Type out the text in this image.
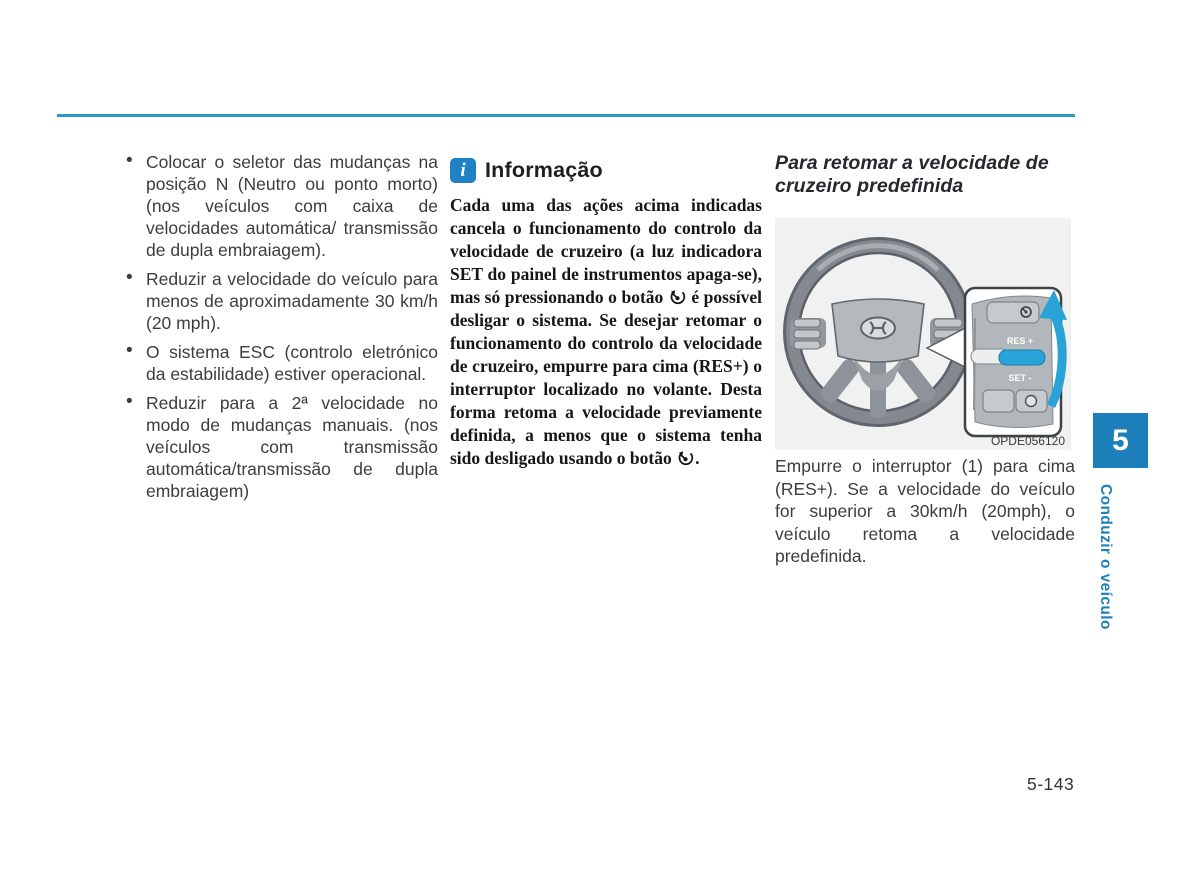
• Colocar o seletor das mudanças na posição N (Neutro ou ponto morto) (nos veículos com caixa de velocidades automática/ transmissão de dupla embraiagem).
• Reduzir a velocidade do veículo para menos de aproximadamente 30 km/h (20 mph).
• O sistema ESC (controlo eletrónico da estabilidade) estiver operacional.
• Reduzir para a 2ª velocidade no modo de mudanças manuais. (nos veículos com transmissão automática/transmissão de dupla embraiagem)
i
Informação
Cada uma das ações acima indicadas cancela o funcionamento do controlo da velocidade de cruzeiro (a luz indicadora SET do painel de instrumentos apaga-se), mas só pressionando o botão  é possível desligar o sistema. Se desejar retomar o funcionamento do controlo da velocidade de cruzeiro, empurre para cima (RES+) o interruptor localizado no volante. Desta forma retoma a velocidade previamente definida, a menos que o sistema tenha sido desligado usando o botão .
Para retomar a velocidade de cruzeiro predefinida
RES +
SET -
OPDE056120
Empurre o interruptor (1) para cima (RES+). Se a velocidade do veículo for superior a 30km/h (20mph), o veículo retoma a velocidade predefinida.
5
Conduzir o veículo
5-143
